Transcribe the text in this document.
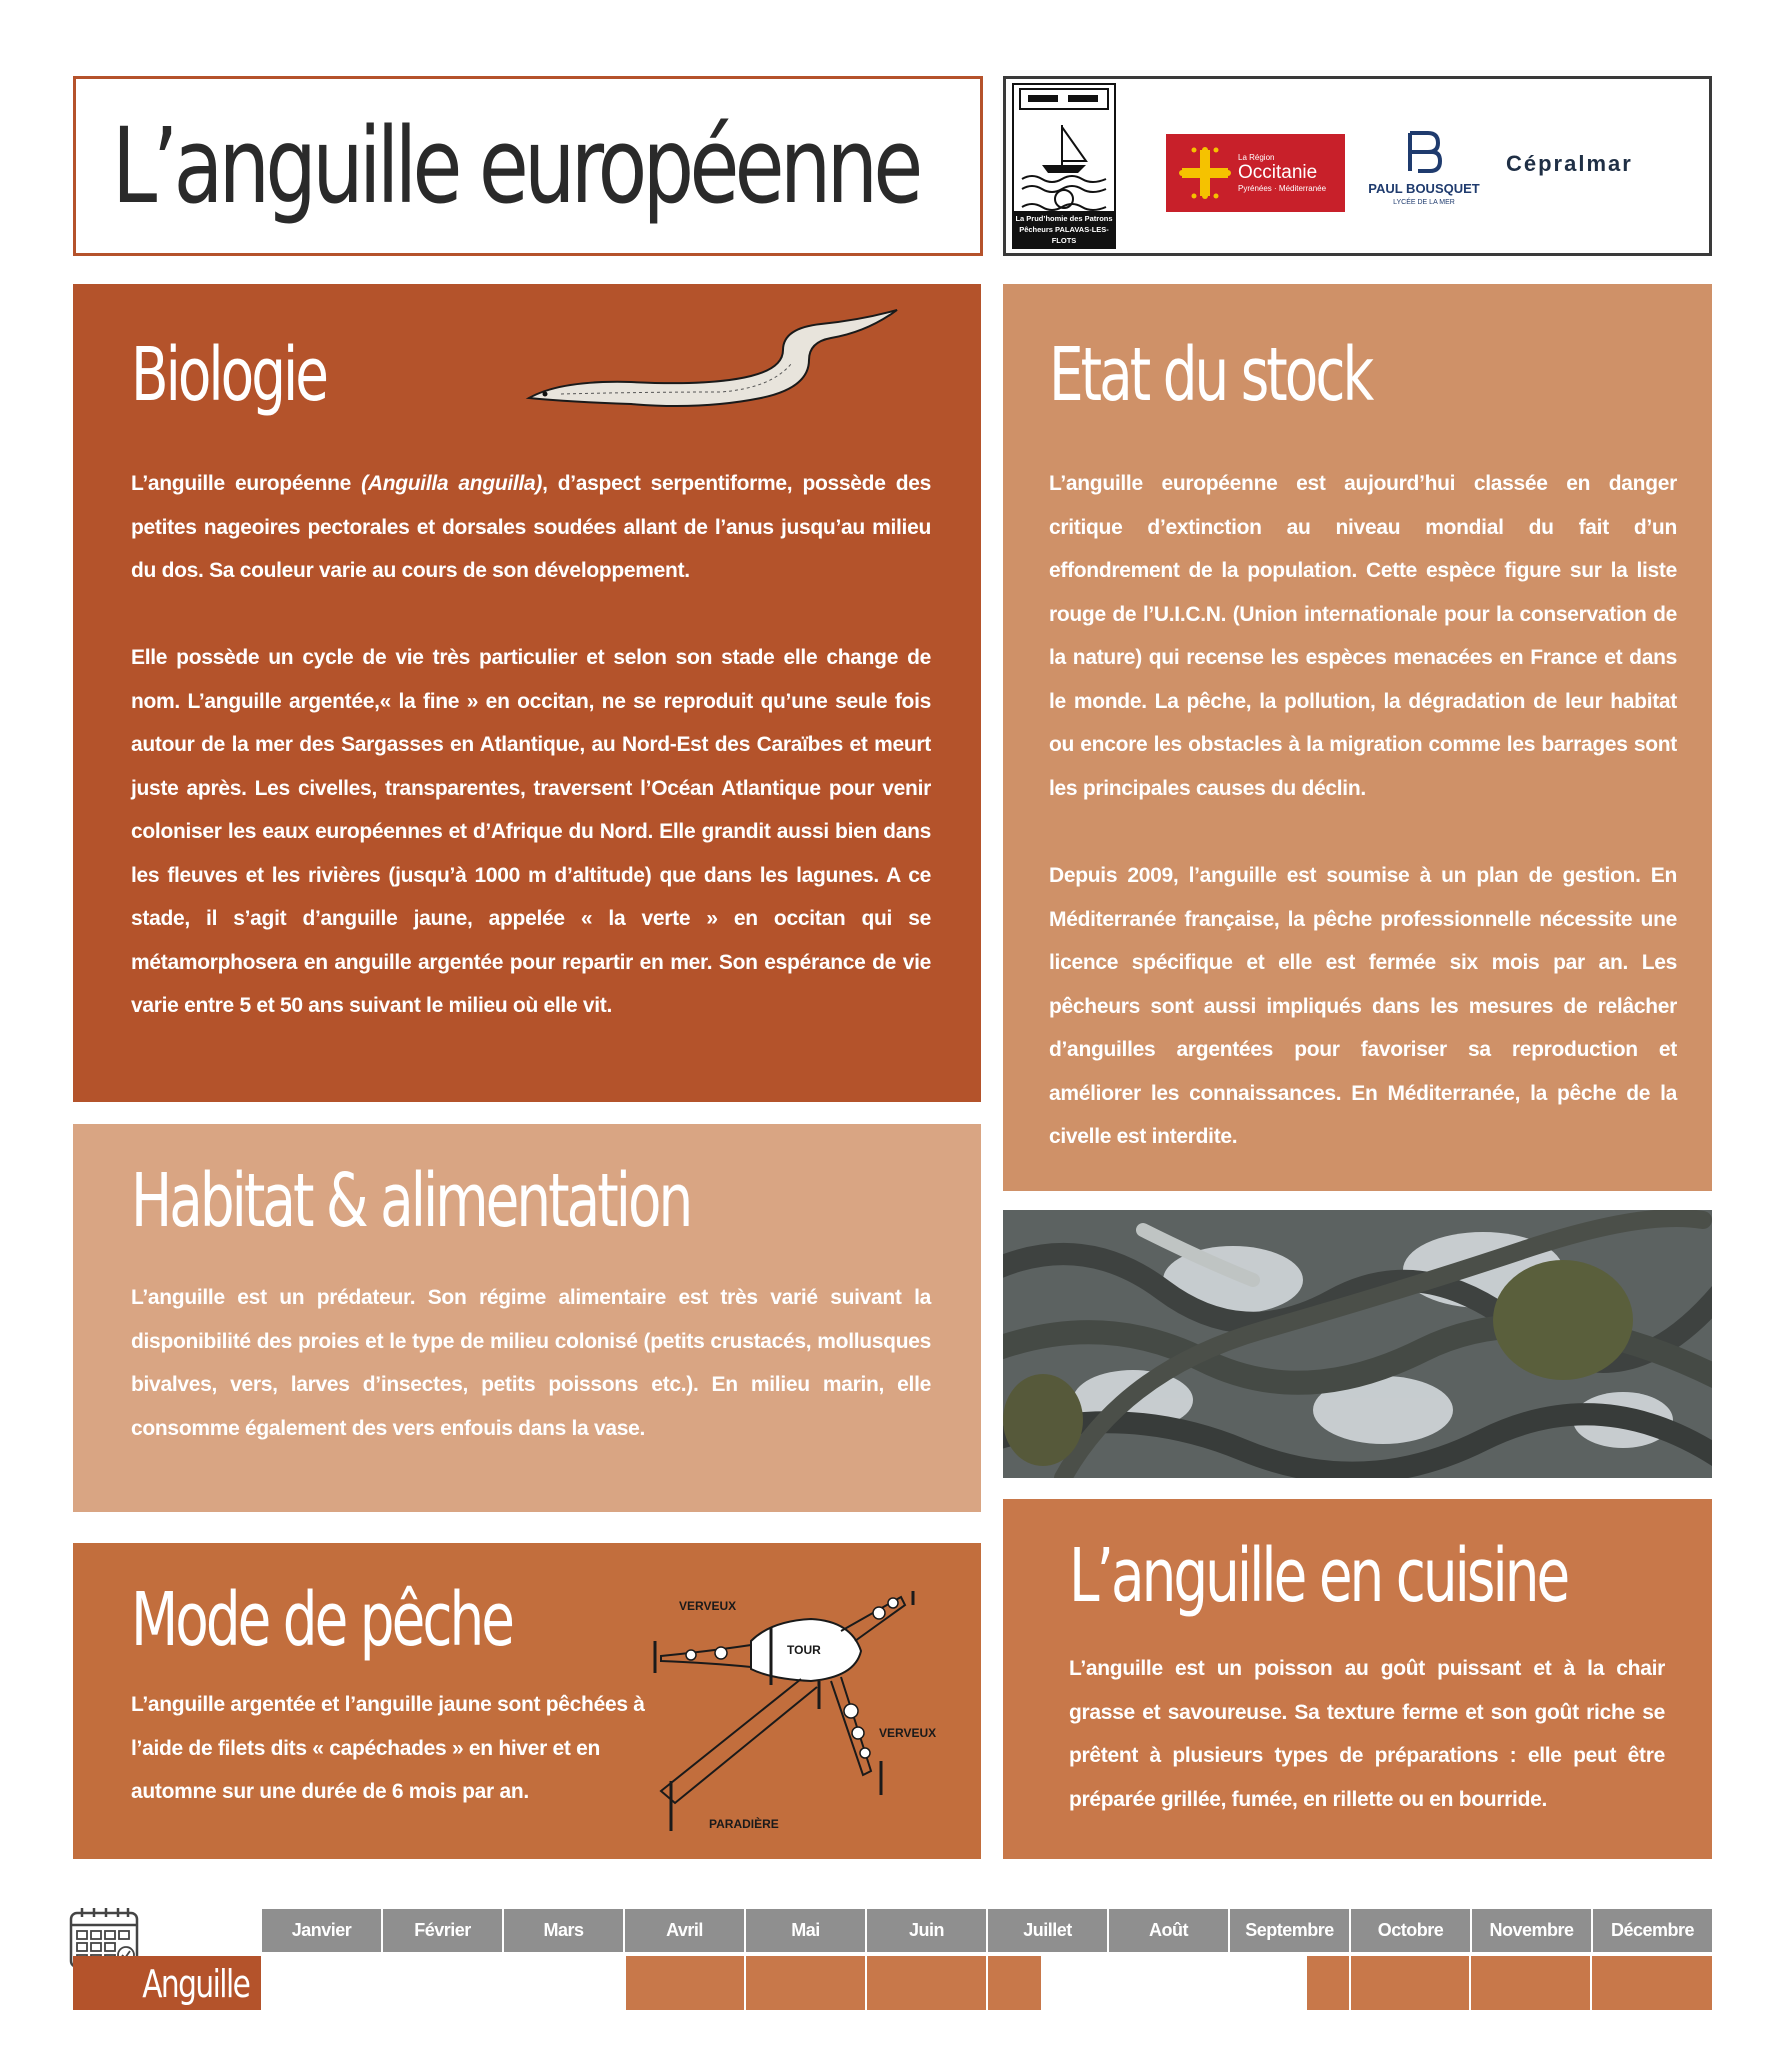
L’anguille européenne	La Prud’homie des Patrons Pêcheurs PALAVAS-LES-FLOTS
La Région
Occitanie
Pyrénées · Méditerranée	PAUL BOUSQUET
LYCÉE DE LA MER
Cépralmar
Biologie

L’anguille européenne (Anguilla anguilla), d’aspect serpentiforme, possède des petites nageoires pectorales et dorsales soudées allant de l’anus jusqu’au milieu du dos. Sa couleur varie au cours de son développement.

Elle possède un cycle de vie très particulier et selon son stade elle change de nom. L’anguille argentée,« la fine » en occitan, ne se reproduit qu’une seule fois autour de la mer des Sargasses en Atlantique, au Nord-Est des Caraïbes et meurt juste après. Les civelles, transparentes, traversent l’Océan Atlantique pour venir coloniser les eaux européennes et d’Afrique du Nord. Elle grandit aussi bien dans les fleuves et les rivières (jusqu’à 1000 m d’altitude) que dans les lagunes. A ce stade, il s’agit d’anguille jaune, appelée « la verte » en occitan qui se métamorphosera en anguille argentée pour repartir en mer. Son espérance de vie varie entre 5 et 50 ans suivant le milieu où elle vit.

Etat du stock

L’anguille européenne est aujourd’hui classée en danger critique d’extinction au niveau mondial du fait d’un effondrement de la population. Cette espèce figure sur la liste rouge de l’U.I.C.N. (Union internationale pour la conservation de la nature) qui recense les espèces menacées en France et dans le monde. La pêche, la pollution, la dégradation de leur habitat ou encore les obstacles à la migration comme les barrages sont les principales causes du déclin.

Depuis 2009, l’anguille est soumise à un plan de gestion. En Méditerranée française, la pêche professionnelle nécessite une licence spécifique et elle est fermée six mois par an. Les pêcheurs sont aussi impliqués dans les mesures de relâcher d’anguilles argentées pour favoriser sa reproduction et améliorer les connaissances. En Méditerranée, la pêche de la civelle est interdite.

Habitat & alimentation

L’anguille est un prédateur. Son régime alimentaire est très varié suivant la disponibilité des proies et le type de milieu colonisé (petits crustacés, mollusques bivalves, vers, larves d’insectes, petits poissons etc.). En milieu marin, elle consomme également des vers enfouis dans la vase.

Mode de pêche

L’anguille argentée et l’anguille jaune sont pêchées à l’aide de filets dits « capéchades » en hiver et en automne sur une durée de 6 mois par an.

VERVEUX
TOUR
VERVEUX
PARADIÈRE
L’anguille en cuisine

L’anguille est un poisson au goût puissant et à la chair grasse et savoureuse. Sa texture ferme et son goût riche se prêtent à plusieurs types de préparations : elle peut être préparée grillée, fumée, en rillette ou en bourride.

Anguille
Janvier	Février	Mars	Avril	Mai	Juin	Juillet	Août	Septembre	Octobre	Novembre	Décembre
